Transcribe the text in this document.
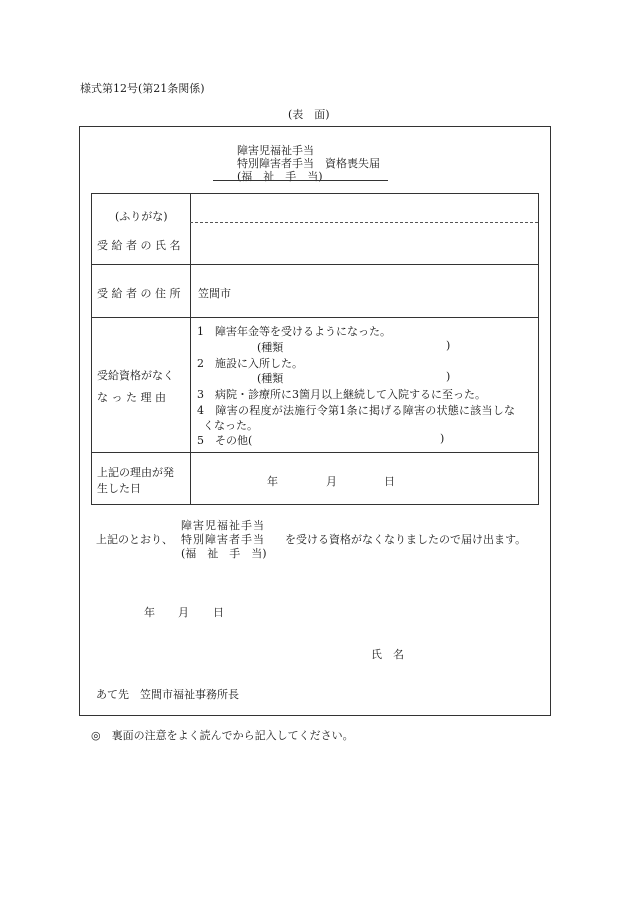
様式第12号(第21条関係)
(表　面)
障害児福祉手当
特別障害者手当　資格喪失届
(福　祉　手　当)
(ふりがな)
受 給 者 の 氏 名
受 給 者 の 住 所 笠間市
受給資格がなく
な っ た 理 由
1　障害年金等を受けるようになった。
(種類	)
2　施設に入所した。
(種類	)
3　病院・診療所に3箇月以上継続して入院するに至った。
4　障害の程度が法施行令第1条に掲げる障害の状態に該当しな
くなった。
5　その他(	)
上記の理由が発
生した日
年	月	日
障害児福祉手当
上記のとおり、 特別障害者手当 を受ける資格がなくなりましたので届け出ます。
(福　祉　手　当)
年 月 日
氏　名
あて先　笠間市福祉事務所長
◎　裏面の注意をよく読んでから記入してください。
